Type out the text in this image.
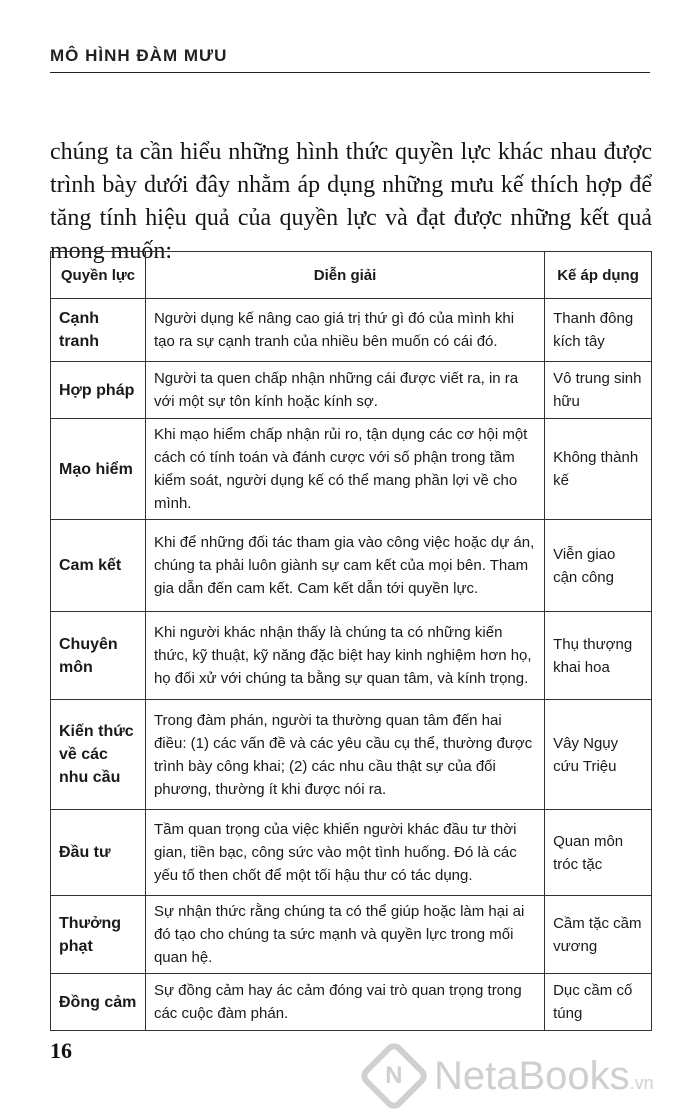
MÔ HÌNH ĐÀM MƯU

chúng ta cần hiểu những hình thức quyền lực khác nhau được trình bày dưới đây nhằm áp dụng những mưu kế thích hợp để tăng tính hiệu quả của quyền lực và đạt được những kết quả mong muốn:

Quyền lực	Diễn giải	Kế áp dụng
Cạnh tranh	Người dụng kế nâng cao giá trị thứ gì đó của mình khi tạo ra sự cạnh tranh của nhiều bên muốn có cái đó.	Thanh đông kích tây
Hợp pháp	Người ta quen chấp nhận những cái được viết ra, in ra với một sự tôn kính hoặc kính sợ.	Vô trung sinh hữu
Mạo hiểm	Khi mạo hiểm chấp nhận rủi ro, tận dụng các cơ hội một cách có tính toán và đánh cược với số phận trong tầm kiểm soát, người dụng kế có thể mang phần lợi về cho mình.	Không thành kế
Cam kết	Khi để những đối tác tham gia vào công việc hoặc dự án, chúng ta phải luôn giành sự cam kết của mọi bên. Tham gia dẫn đến cam kết. Cam kết dẫn tới quyền lực.	Viễn giao cận công
Chuyên môn	Khi người khác nhận thấy là chúng ta có những kiến thức, kỹ thuật, kỹ năng đặc biệt hay kinh nghiệm hơn họ, họ đối xử với chúng ta bằng sự quan tâm, và kính trọng.	Thụ thượng khai hoa
Kiến thức về các nhu cầu	Trong đàm phán, người ta thường quan tâm đến hai điều: (1) các vấn đề và các yêu cầu cụ thể, thường được trình bày công khai; (2) các nhu cầu thật sự của đối phương, thường ít khi được nói ra.	Vây Ngụy cứu Triệu
Đầu tư	Tầm quan trọng của việc khiến người khác đầu tư thời gian, tiền bạc, công sức vào một tình huống. Đó là các yếu tố then chốt để một tối hậu thư có tác dụng.	Quan môn tróc tặc
Thưởng phạt	Sự nhận thức rằng chúng ta có thể giúp hoặc làm hại ai đó tạo cho chúng ta sức mạnh và quyền lực trong mối quan hệ.	Cầm tặc cầm vương
Đồng cảm	Sự đồng cảm hay ác cảm đóng vai trò quan trọng trong các cuộc đàm phán.	Dục cầm cố túng
16
N NetaBooks.vn
